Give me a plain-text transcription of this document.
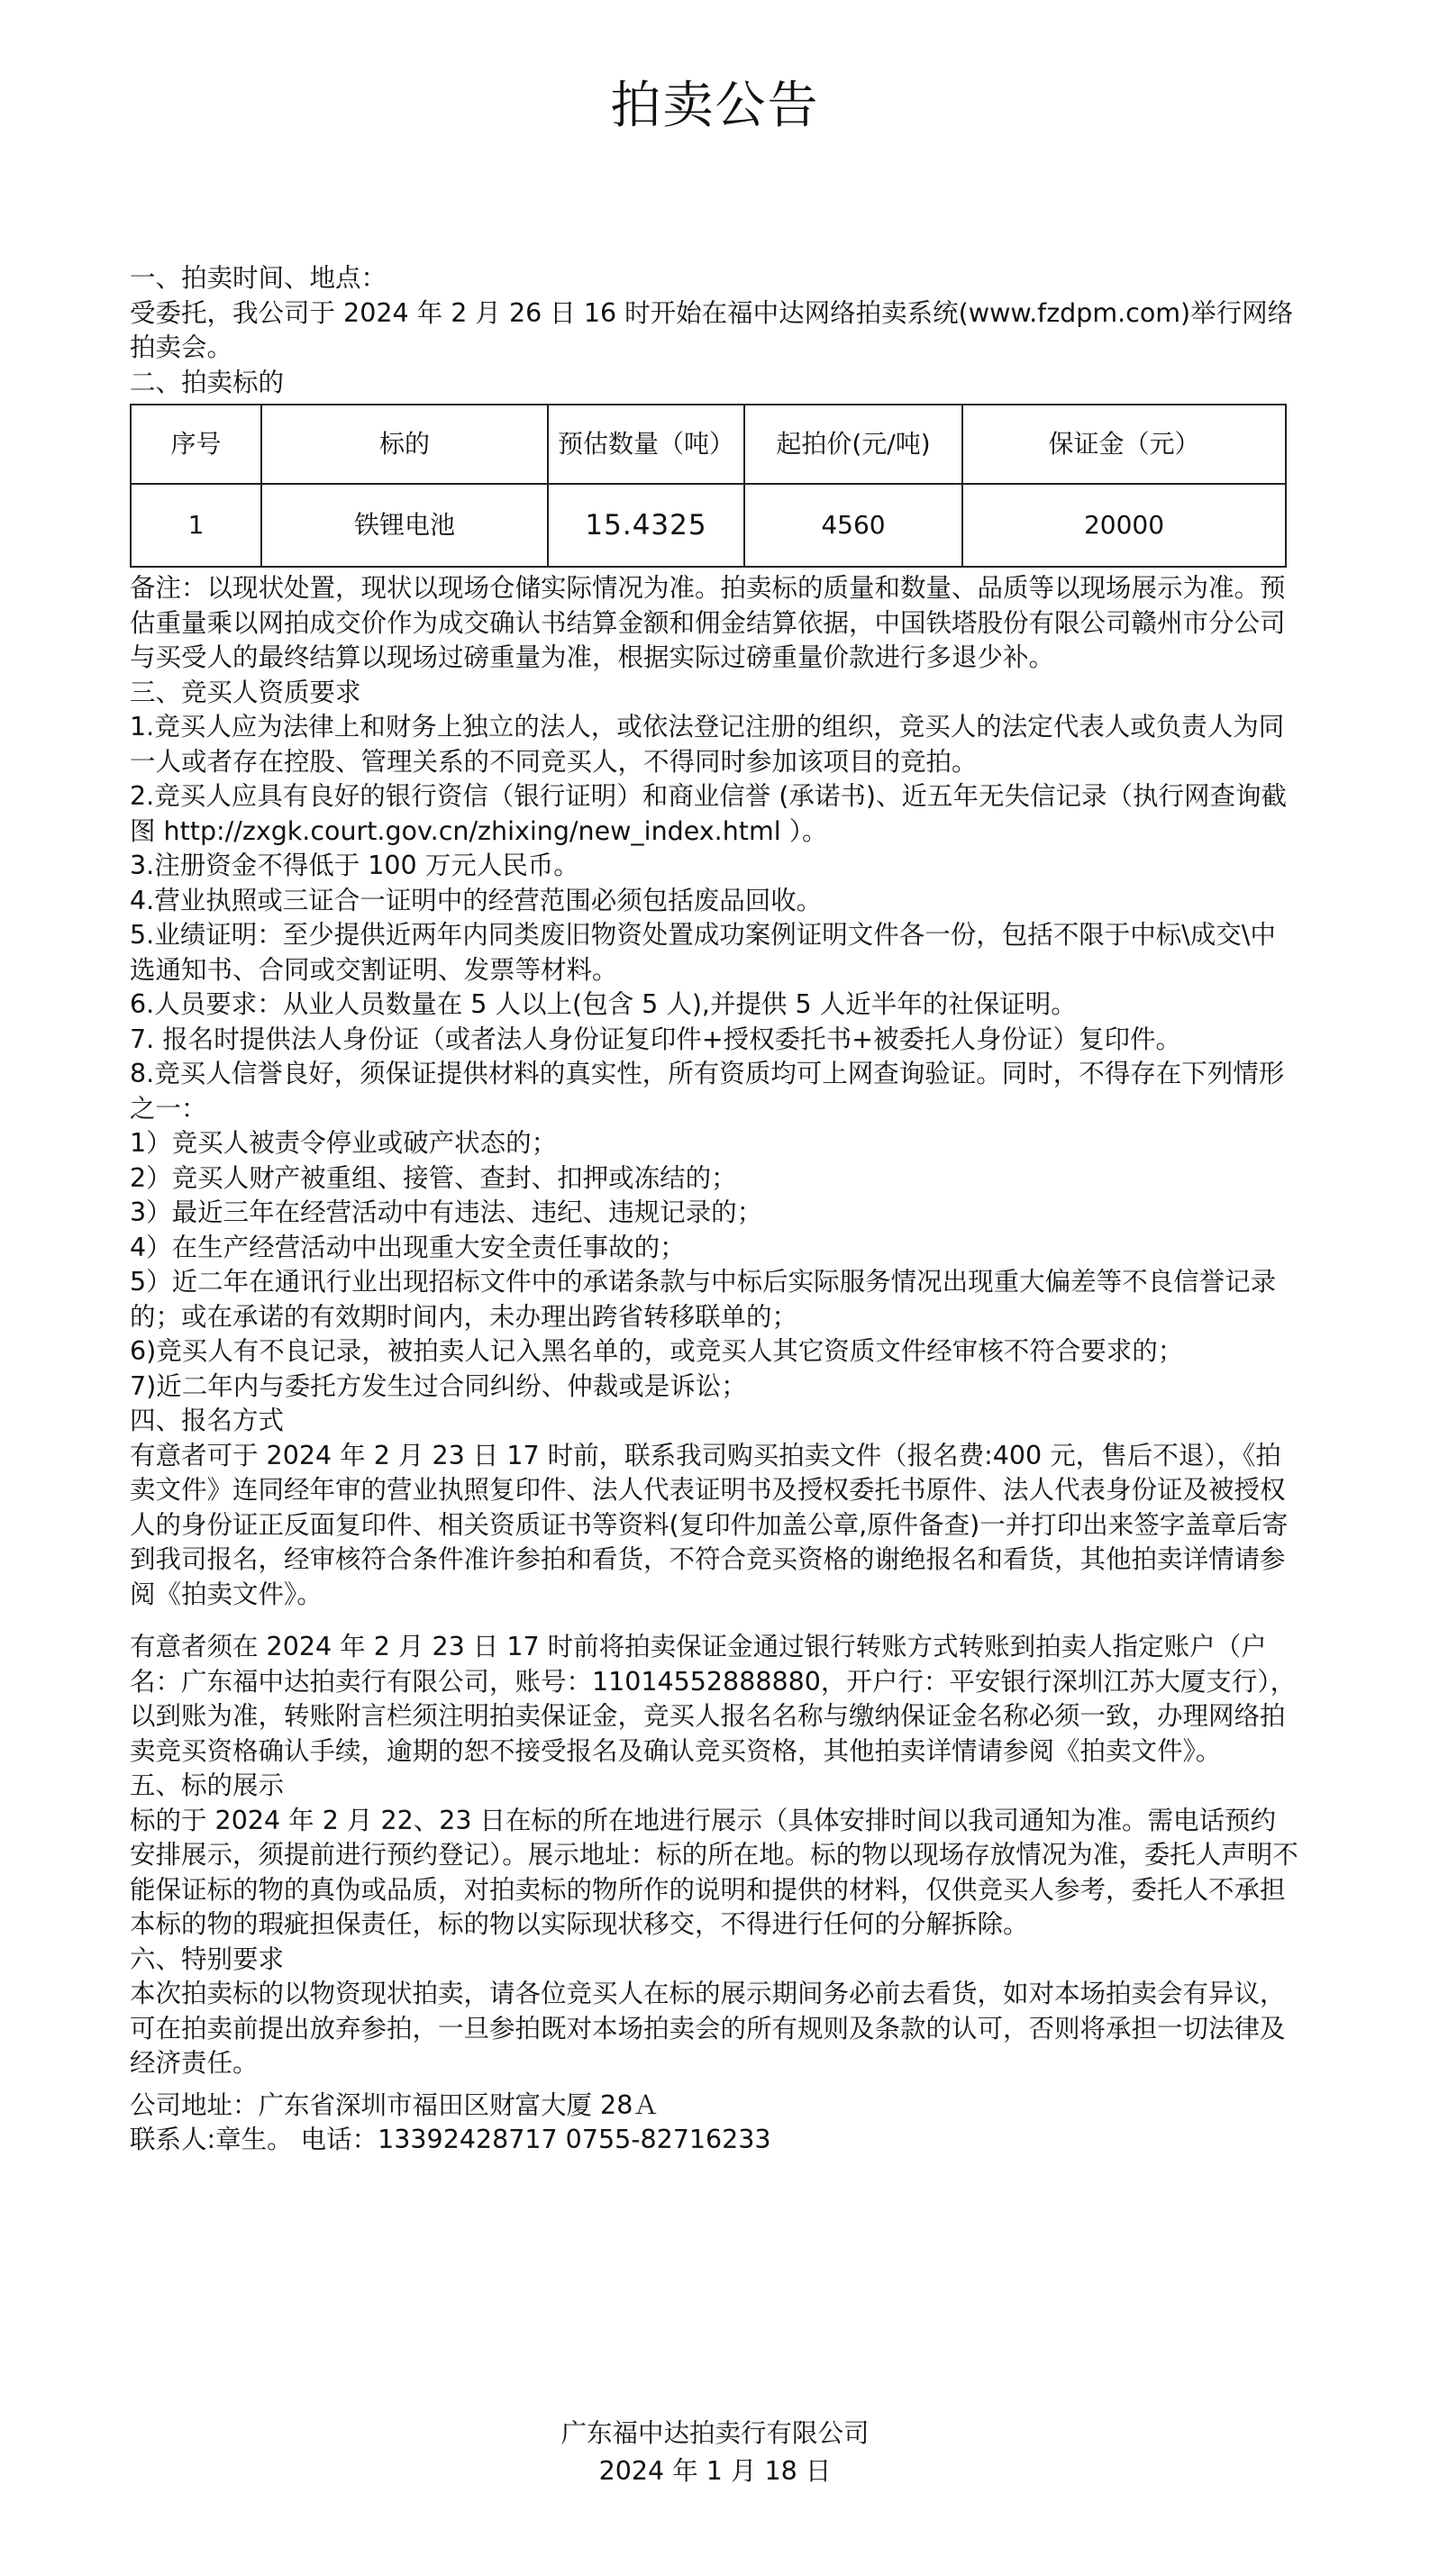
拍卖公告

一、拍卖时间、地点：

受委托，我公司于 2024 年 2 月 26 日 16 时开始在福中达网络拍卖系统(www.fzdpm.com)举行网络拍卖会。

二、拍卖标的

序号	标的	预估数量（吨）	起拍价(元/吨)	保证金（元）
1	铁锂电池	15.4325	4560	20000

备注：以现状处置，现状以现场仓储实际情况为准。拍卖标的质量和数量、品质等以现场展示为准。预估重量乘以网拍成交价作为成交确认书结算金额和佣金结算依据，中国铁塔股份有限公司赣州市分公司与买受人的最终结算以现场过磅重量为准，根据实际过磅重量价款进行多退少补。

三、竞买人资质要求

1.竞买人应为法律上和财务上独立的法人，或依法登记注册的组织，竞买人的法定代表人或负责人为同一人或者存在控股、管理关系的不同竞买人，不得同时参加该项目的竞拍。

2.竞买人应具有良好的银行资信（银行证明）和商业信誉 (承诺书)、近五年无失信记录（执行网查询截图 http://zxgk.court.gov.cn/zhixing/new_index.html ）。

3.注册资金不得低于 100 万元人民币。

4.营业执照或三证合一证明中的经营范围必须包括废品回收。

5.业绩证明：至少提供近两年内同类废旧物资处置成功案例证明文件各一份，包括不限于中标\成交\中选通知书、合同或交割证明、发票等材料。

6.人员要求：从业人员数量在 5 人以上(包含 5 人),并提供 5 人近半年的社保证明。

7. 报名时提供法人身份证（或者法人身份证复印件+授权委托书+被委托人身份证）复印件。

8.竞买人信誉良好，须保证提供材料的真实性，所有资质均可上网查询验证。同时，不得存在下列情形之一：

1）竞买人被责令停业或破产状态的；

2）竞买人财产被重组、接管、查封、扣押或冻结的；

3）最近三年在经营活动中有违法、违纪、违规记录的；

4）在生产经营活动中出现重大安全责任事故的；

5）近二年在通讯行业出现招标文件中的承诺条款与中标后实际服务情况出现重大偏差等不良信誉记录的；或在承诺的有效期时间内，未办理出跨省转移联单的；

6)竞买人有不良记录，被拍卖人记入黑名单的，或竞买人其它资质文件经审核不符合要求的；

7)近二年内与委托方发生过合同纠纷、仲裁或是诉讼；

四、报名方式

有意者可于 2024 年 2 月 23 日 17 时前，联系我司购买拍卖文件（报名费:400 元，售后不退），《拍卖文件》连同经年审的营业执照复印件、法人代表证明书及授权委托书原件、法人代表身份证及被授权人的身份证正反面复印件、相关资质证书等资料(复印件加盖公章,原件备查)一并打印出来签字盖章后寄到我司报名，经审核符合条件准许参拍和看货，不符合竞买资格的谢绝报名和看货，其他拍卖详情请参阅《拍卖文件》。

有意者须在 2024 年 2 月 23 日 17 时前将拍卖保证金通过银行转账方式转账到拍卖人指定账户（户名：广东福中达拍卖行有限公司，账号：11014552888880，开户行：平安银行深圳江苏大厦支行），以到账为准，转账附言栏须注明拍卖保证金，竞买人报名名称与缴纳保证金名称必须一致，办理网络拍卖竞买资格确认手续，逾期的恕不接受报名及确认竞买资格，其他拍卖详情请参阅《拍卖文件》。

五、标的展示

标的于 2024 年 2 月 22、23 日在标的所在地进行展示（具体安排时间以我司通知为准。需电话预约安排展示，须提前进行预约登记）。展示地址：标的所在地。标的物以现场存放情况为准，委托人声明不能保证标的物的真伪或品质，对拍卖标的物所作的说明和提供的材料，仅供竞买人参考，委托人不承担本标的物的瑕疵担保责任，标的物以实际现状移交，不得进行任何的分解拆除。

六、特别要求

本次拍卖标的以物资现状拍卖，请各位竞买人在标的展示期间务必前去看货，如对本场拍卖会有异议，可在拍卖前提出放弃参拍，一旦参拍既对本场拍卖会的所有规则及条款的认可，否则将承担一切法律及经济责任。

公司地址：广东省深圳市福田区财富大厦 28Ａ

联系人:章生。 电话：13392428717 0755-82716233

广东福中达拍卖行有限公司
2024 年 1 月 18 日
